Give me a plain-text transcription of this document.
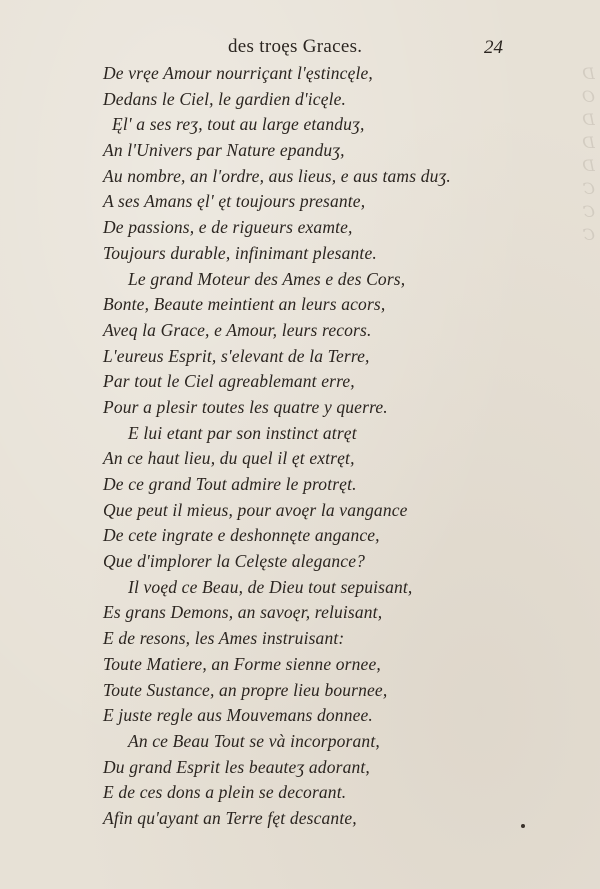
D
O
D
D
D
C
C
C
des troęs Graces.	24
De vręe Amour nourriçant l'ęstincęle,
Dedans le Ciel, le gardien d'icęle.
Ęl' a ses reʒ, tout au large etanduʒ,
An l'Univers par Nature epanduʒ,
Au nombre, an l'ordre, aus lieus, e aus tams duʒ.
A ses Amans ęl' ęt toujours presante,
De passions, e de rigueurs examte,
Toujours durable, infinimant plesante.
Le grand Moteur des Ames e des Cors,
Bonte, Beaute meintient an leurs acors,
Aveq la Grace, e Amour, leurs recors.
L'eureus Esprit, s'elevant de la Terre,
Par tout le Ciel agreablemant erre,
Pour a plesir toutes les quatre y querre.
E lui etant par son instinct atręt
An ce haut lieu, du quel il ęt extręt,
De ce grand Tout admire le protręt.
Que peut il mieus, pour avoęr la vangance
De cete ingrate e deshonnęte angance,
Que d'implorer la Celęste alegance?
Il voęd ce Beau, de Dieu tout sepuisant,
Es grans Demons, an savoęr, reluisant,
E de resons, les Ames instruisant:
Toute Matiere, an Forme sienne ornee,
Toute Sustance, an propre lieu bournee,
E juste regle aus Mouvemans donnee.
An ce Beau Tout se và incorporant,
Du grand Esprit les beauteʒ adorant,
E de ces dons a plein se decorant.
Afin qu'ayant an Terre fęt descante,
